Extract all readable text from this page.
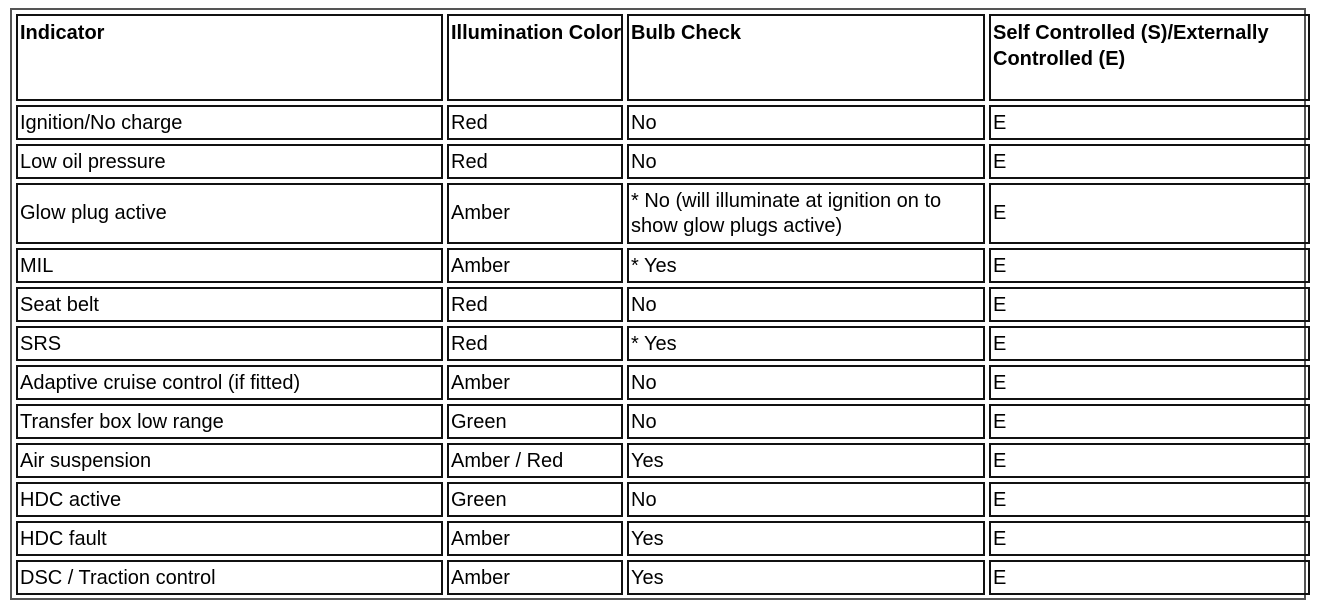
Indicator	Illumination Color	Bulb Check	Self Controlled (S)/Externally Controlled (E)
Ignition/No charge	Red	No	E
Low oil pressure	Red	No	E
Glow plug active	Amber	* No (will illuminate at ignition on to show glow plugs active)	E
MIL	Amber	* Yes	E
Seat belt	Red	No	E
SRS	Red	* Yes	E
Adaptive cruise control (if fitted)	Amber	No	E
Transfer box low range	Green	No	E
Air suspension	Amber / Red	Yes	E
HDC active	Green	No	E
HDC fault	Amber	Yes	E
DSC / Traction control	Amber	Yes	E
